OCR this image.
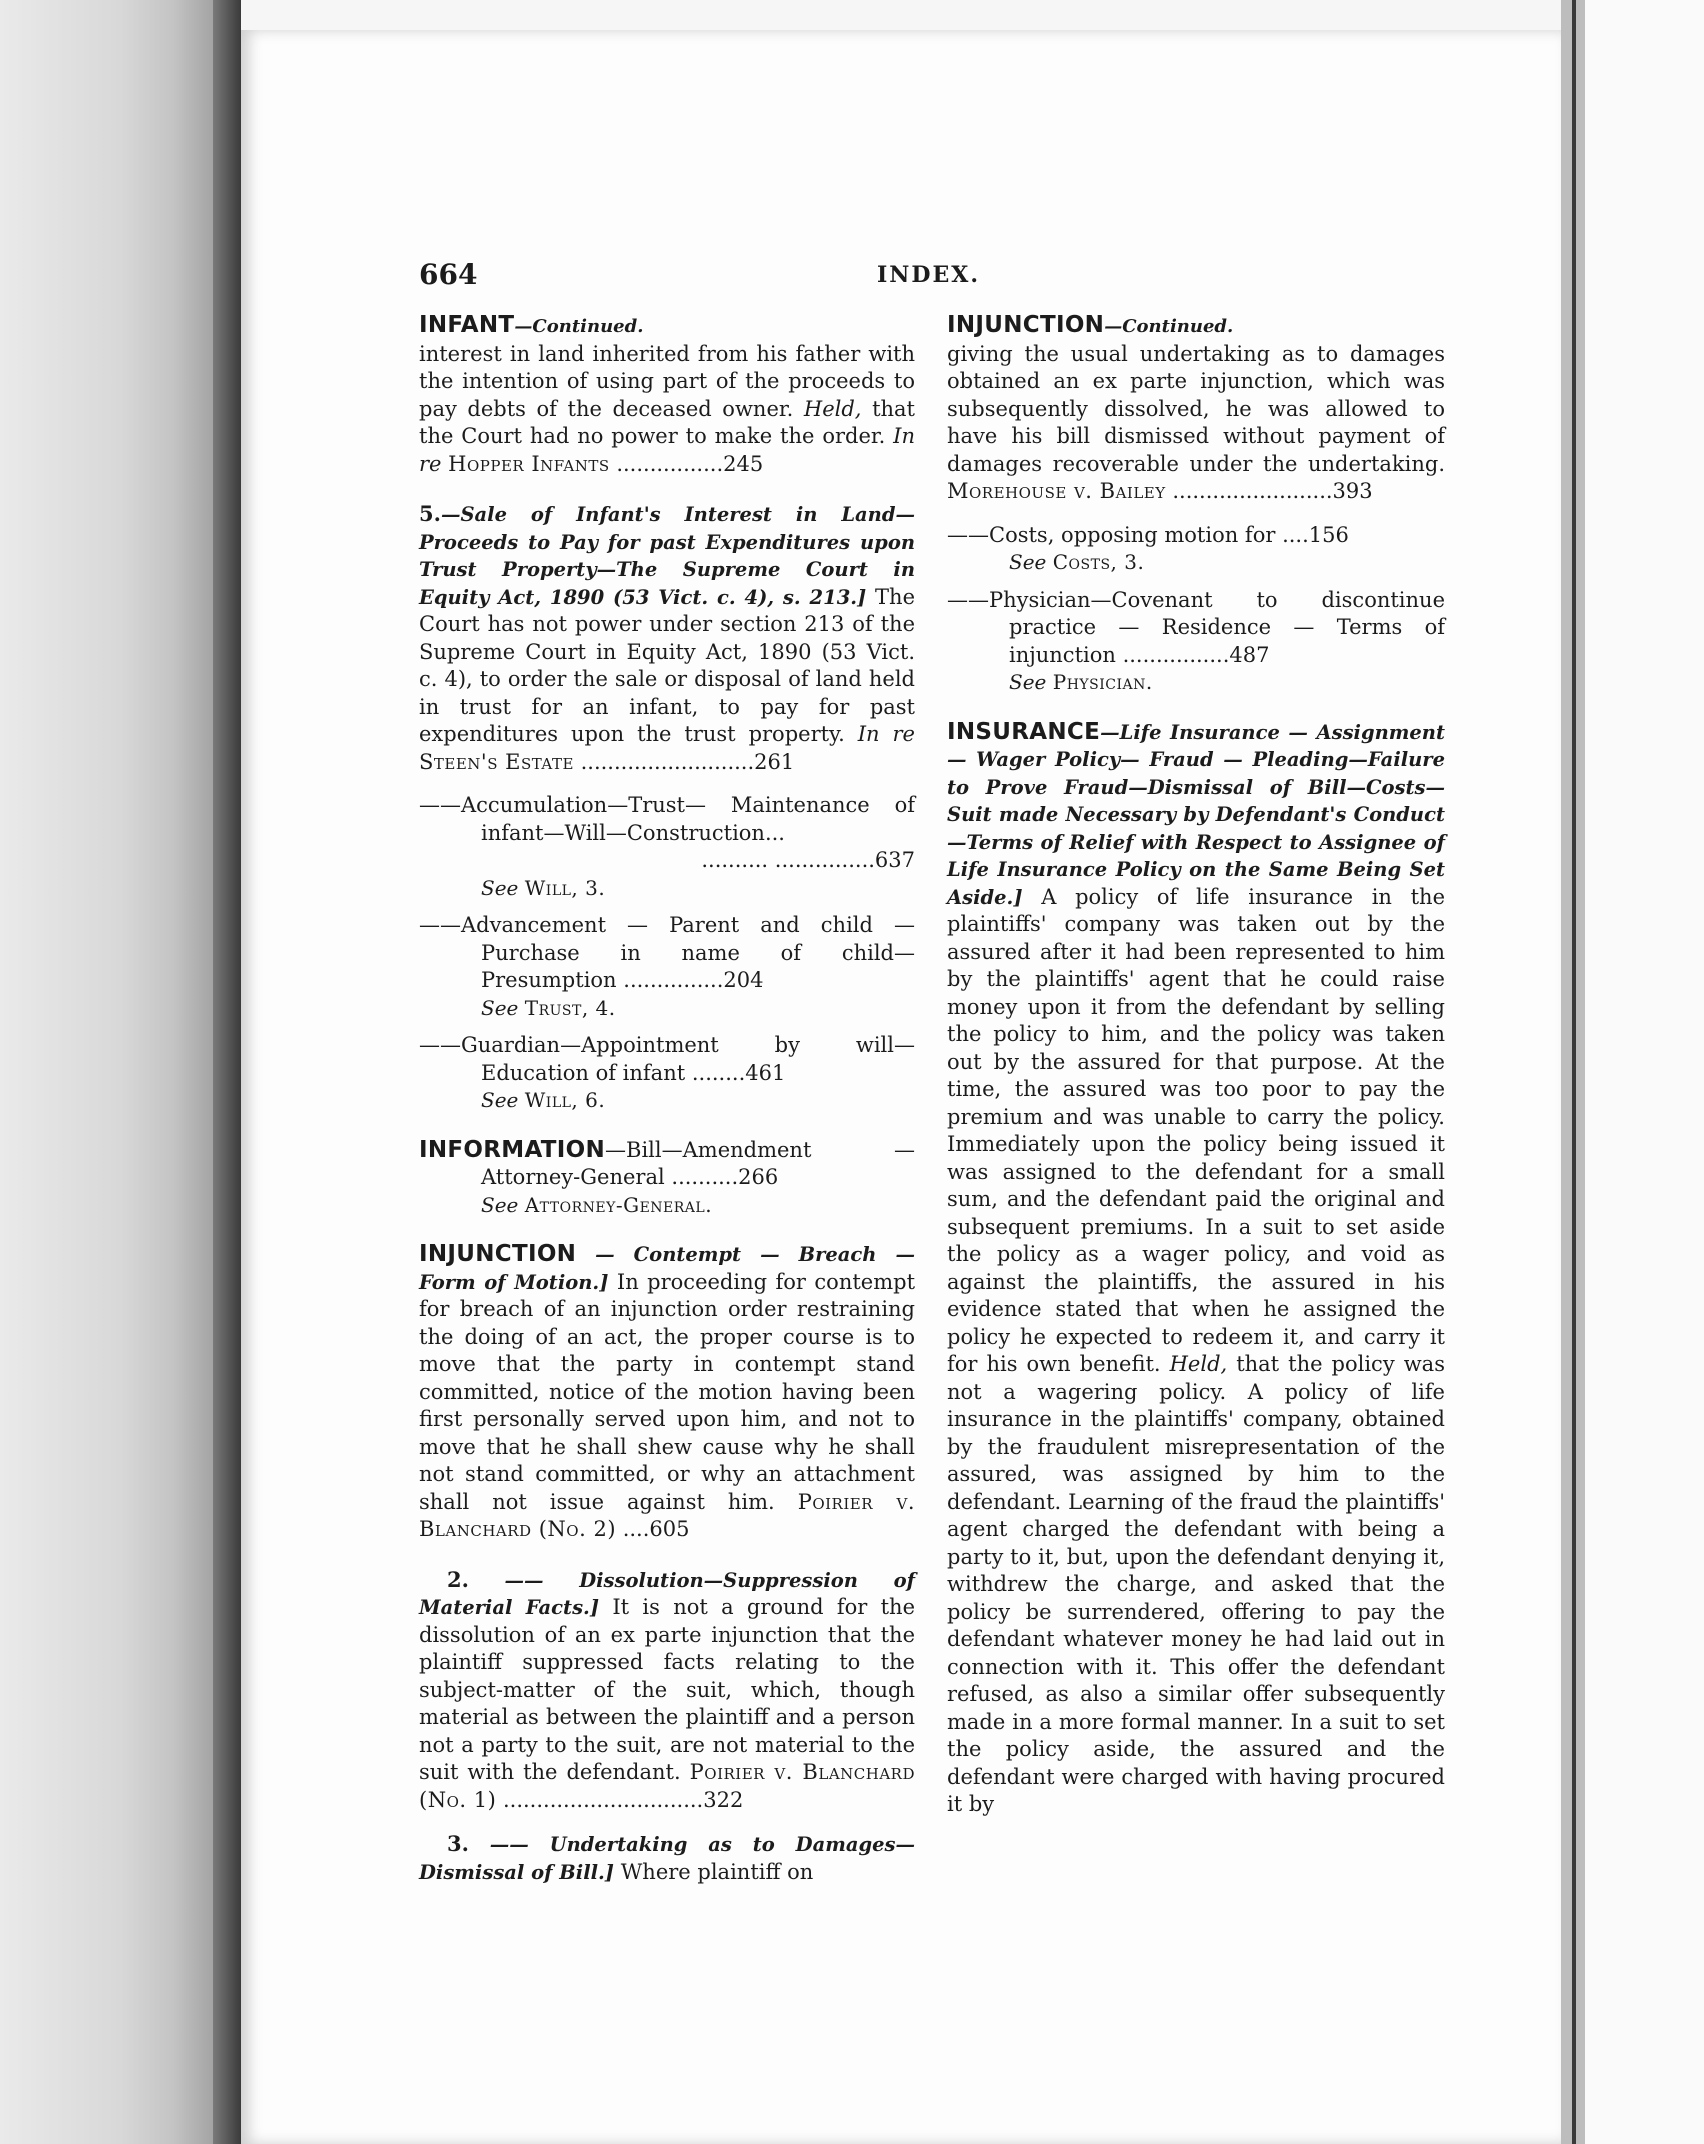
664	INDEX.

INFANT—Continued.

interest in land inherited from his father with the intention of using part of the proceeds to pay debts of the deceased owner. Held, that the Court had no power to make the order. In re Hopper Infants ................245

5.—Sale of Infant's Interest in Land—Proceeds to Pay for past Expenditures upon Trust Property—The Supreme Court in Equity Act, 1890 (53 Vict. c. 4), s. 213.] The Court has not power under section 213 of the Supreme Court in Equity Act, 1890 (53 Vict. c. 4), to order the sale or disposal of land held in trust for an infant, to pay for past expenditures upon the trust property. In re Steen's Estate ..........................261

——Accumulation—Trust— Maintenance of infant—Will—Construction...
.......... ...............637

See Will, 3.

——Advancement — Parent and child — Purchase in name of child— Presumption ...............204

See Trust, 4.

——Guardian—Appointment by will— Education of infant ........461

See Will, 6.

INFORMATION—Bill—Amendment — Attorney-General ..........266

See Attorney-General.

INJUNCTION — Contempt — Breach — Form of Motion.] In proceeding for contempt for breach of an injunction order restraining the doing of an act, the proper course is to move that the party in contempt stand committed, notice of the motion having been first personally served upon him, and not to move that he shall shew cause why he shall not stand committed, or why an attachment shall not issue against him. Poirier v. Blanchard (No. 2) ....605

2. —— Dissolution—Suppression of Material Facts.] It is not a ground for the dissolution of an ex parte injunction that the plaintiff suppressed facts relating to the subject-matter of the suit, which, though material as between the plaintiff and a person not a party to the suit, are not material to the suit with the defendant. Poirier v. Blanchard (No. 1) ..............................322

3. —— Undertaking as to Damages—Dismissal of Bill.] Where plaintiff on

INJUNCTION—Continued.

giving the usual undertaking as to damages obtained an ex parte injunction, which was subsequently dissolved, he was allowed to have his bill dismissed without payment of damages recoverable under the undertaking. Morehouse v. Bailey ........................393

——Costs, opposing motion for ....156

See Costs, 3.

——Physician—Covenant to discontinue practice — Residence — Terms of injunction ................487

See Physician.

INSURANCE—Life Insurance — Assignment — Wager Policy— Fraud — Pleading—Failure to Prove Fraud—Dismissal of Bill—Costs—Suit made Necessary by Defendant's Conduct—Terms of Relief with Respect to Assignee of Life Insurance Policy on the Same Being Set Aside.] A policy of life insurance in the plaintiffs' company was taken out by the assured after it had been represented to him by the plaintiffs' agent that he could raise money upon it from the defendant by selling the policy to him, and the policy was taken out by the assured for that purpose. At the time, the assured was too poor to pay the premium and was unable to carry the policy. Immediately upon the policy being issued it was assigned to the defendant for a small sum, and the defendant paid the original and subsequent premiums. In a suit to set aside the policy as a wager policy, and void as against the plaintiffs, the assured in his evidence stated that when he assigned the policy he expected to redeem it, and carry it for his own benefit. Held, that the policy was not a wagering policy. A policy of life insurance in the plaintiffs' company, obtained by the fraudulent misrepresentation of the assured, was assigned by him to the defendant. Learning of the fraud the plaintiffs' agent charged the defendant with being a party to it, but, upon the defendant denying it, withdrew the charge, and asked that the policy be surrendered, offering to pay the defendant whatever money he had laid out in connection with it. This offer the defendant refused, as also a similar offer subsequently made in a more formal manner. In a suit to set the policy aside, the assured and the defendant were charged with having procured it by
